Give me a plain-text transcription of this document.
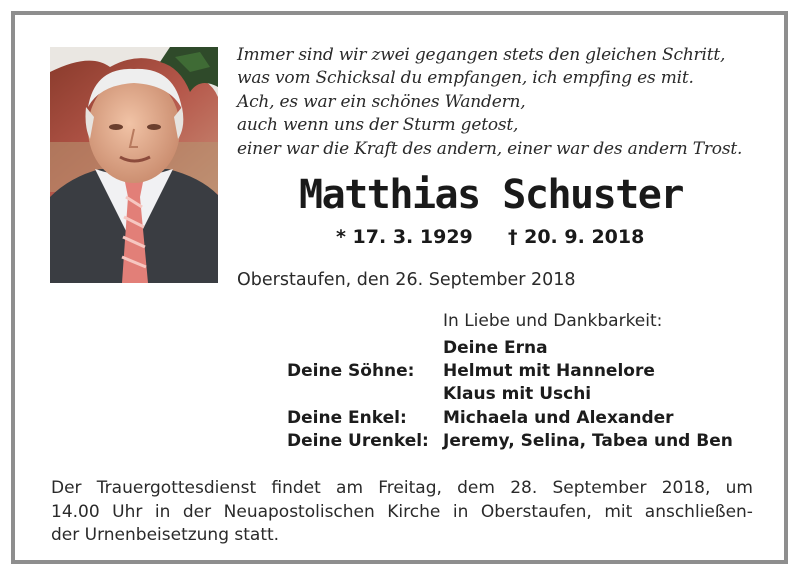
Immer sind wir zwei gegangen stets den gleichen Schritt,
was vom Schicksal du empfangen, ich empfing es mit.
Ach, es war ein schönes Wandern,
auch wenn uns der Sturm getost,
einer war die Kraft des andern, einer war des andern Trost.
Matthias Schuster
* 17. 3. 1929 † 20. 9. 2018
Oberstaufen, den 26. September 2018
In Liebe und Dankbarkeit:
Deine Erna
Deine Söhne: Helmut mit Hannelore
Klaus mit Uschi
Deine Enkel: Michaela und Alexander
Deine Urenkel: Jeremy, Selina, Tabea und Ben
Der Trauergottesdienst findet am Freitag, dem 28. September 2018, um
14.00 Uhr in der Neuapostolischen Kirche in Oberstaufen, mit anschließen-
der Urnenbeisetzung statt.
